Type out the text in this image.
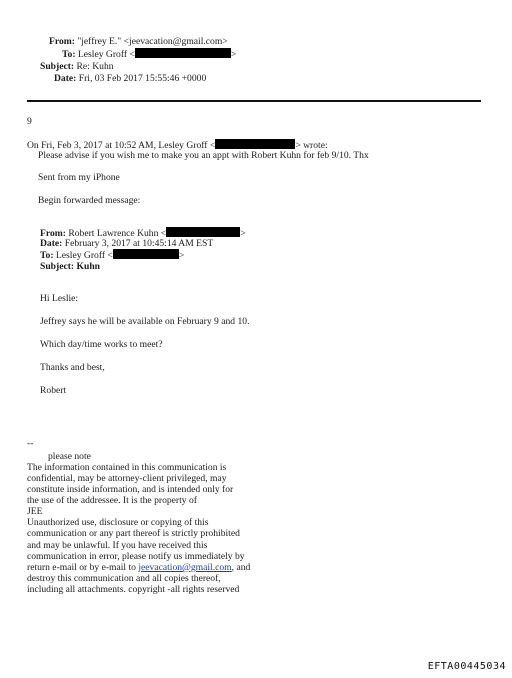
From: "jeffrey E." <jeevacation@gmail.com>
To: Lesley Groff <	>
Subject: Re: Kuhn
Date: Fri, 03 Feb 2017 15:55:46 +0000
9
On Fri, Feb 3, 2017 at 10:52 AM, Lesley Groff <	> wrote:
Please advise if you wish me to make you an appt with Robert Kuhn for feb 9/10. Thx
Sent from my iPhone
Begin forwarded message:
From: Robert Lawrence Kuhn <	>
Date: February 3, 2017 at 10:45:14 AM EST
To: Lesley Groff <	>
Subject: Kuhn
Hi Leslie:
Jeffrey says he will be available on February 9 and 10.
Which day/time works to meet?
Thanks and best,
Robert
--
please note
The information contained in this communication is
confidential, may be attorney-client privileged, may
constitute inside information, and is intended only for
the use of the addressee. It is the property of
JEE
Unauthorized use, disclosure or copying of this
communication or any part thereof is strictly prohibited
and may be unlawful. If you have received this
communication in error, please notify us immediately by
return e-mail or by e-mail to jeevacation@gmail.com, and
destroy this communication and all copies thereof,
including all attachments. copyright -all rights reserved
EFTA00445034
